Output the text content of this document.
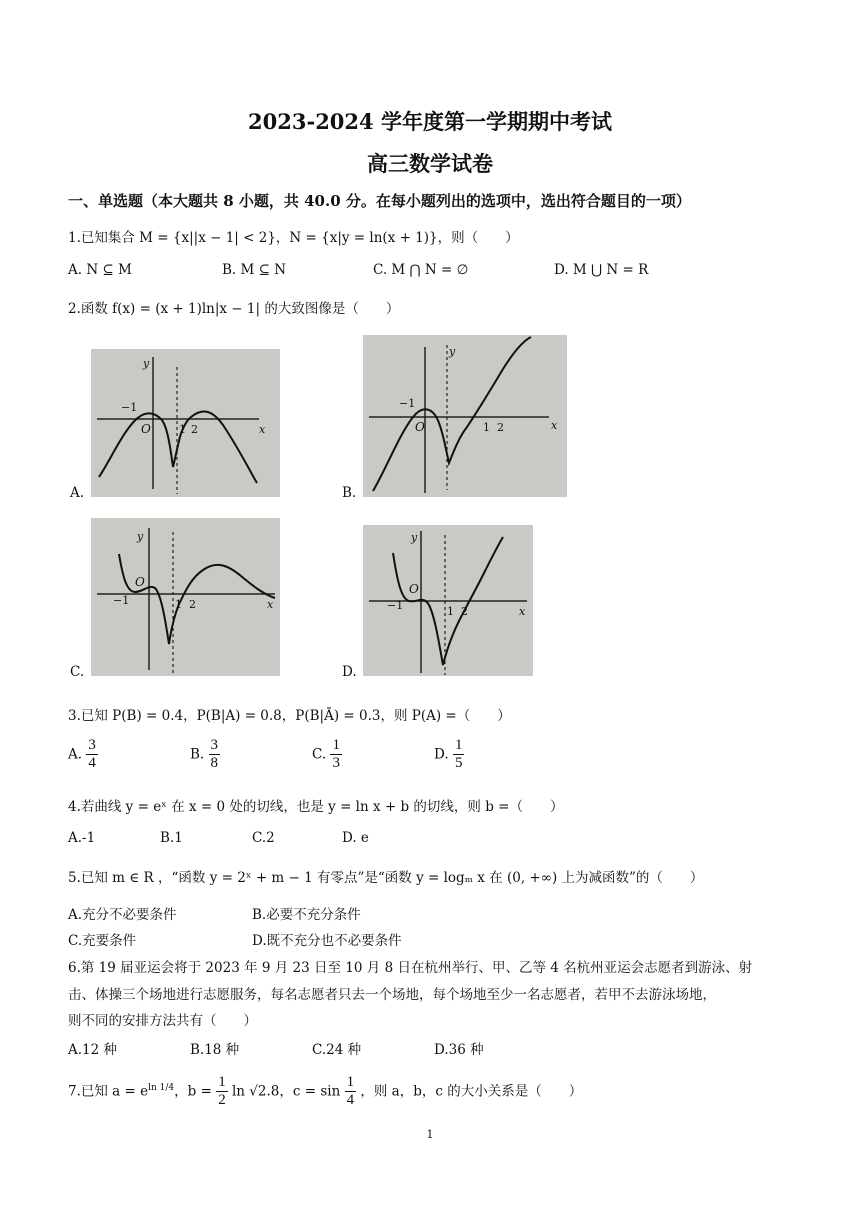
2023-2024 学年度第一学期期中考试
高三数学试卷
一、单选题（本大题共 8 小题，共 40.0 分。在每小题列出的选项中，选出符合题目的一项）
1.已知集合 M = {x||x − 1| < 2}，N = {x|y = ln(x + 1)}，则（　　）
A. N ⊆ M	B. M ⊆ N	C. M ⋂ N = ∅	D. M ⋃ N = R
2.函数 f(x) = (x + 1)ln|x − 1| 的大致图像是（　　）
A.
y
x
O
−1
1 2
B.
y
x
O
−1
1 2
C.
y
x
O
−1	1 2
D.
y
x
O
−1	1 2
3.已知 P(B) = 0.4，P(B|A) = 0.8，P(B|Ā) = 0.3，则 P(A) =（　　）
A. $\frac{3}{4}$	B. $\frac{3}{8}$	C. $\frac{1}{3}$	D. $\frac{1}{5}$
4.若曲线 y = eˣ 在 x = 0 处的切线，也是 y = ln x + b 的切线，则 b =（　　）
A.-1	B.1	C.2	D. e
5.已知 m ∈ R ，“函数 y = 2ˣ + m − 1 有零点”是“函数 y = logₘ x 在 (0, +∞) 上为减函数”的（　　）
A.充分不必要条件	B.必要不充分条件
C.充要条件	D.既不充分也不必要条件
6.第 19 届亚运会将于 2023 年 9 月 23 日至 10 月 8 日在杭州举行、甲、乙等 4 名杭州亚运会志愿者到游泳、射
击、体操三个场地进行志愿服务，每名志愿者只去一个场地，每个场地至少一名志愿者，若甲不去游泳场地，
则不同的安排方法共有（　　）
A.12 种	B.18 种	C.24 种	D.36 种
7.已知 $a = e^{ln 1/4}$，$b = \frac{1}{2}$ ln √2.8，$c = \sin \frac{1}{4}$ ，则 a，b，c 的大小关系是（　　）
1
